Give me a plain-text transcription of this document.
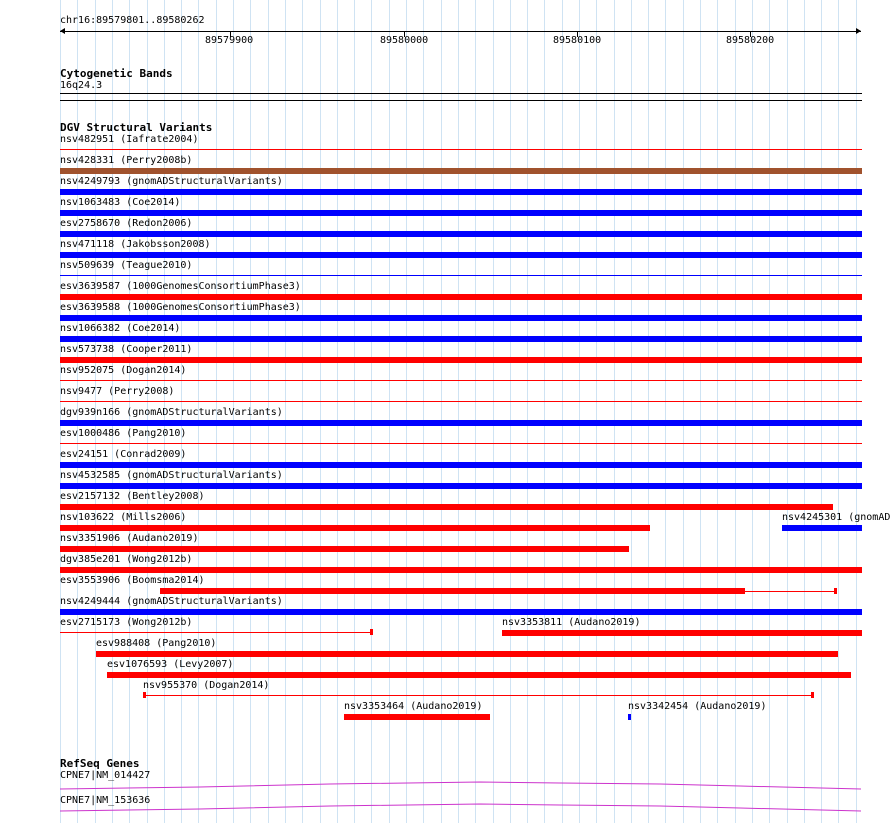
chr16:89579801..89580262
89579900	89580000	89580100	89580200
Cytogenetic Bands
16q24.3
DGV Structural Variants
nsv482951 (Iafrate2004)
nsv428331 (Perry2008b)
nsv4249793 (gnomADStructuralVariants)
nsv1063483 (Coe2014)
esv2758670 (Redon2006)
nsv471118 (Jakobsson2008)
nsv509639 (Teague2010)
esv3639587 (1000GenomesConsortiumPhase3)
esv3639588 (1000GenomesConsortiumPhase3)
nsv1066382 (Coe2014)
nsv573738 (Cooper2011)
nsv952075 (Dogan2014)
nsv9477 (Perry2008)
dgv939n166 (gnomADStructuralVariants)
esv1000486 (Pang2010)
esv24151 (Conrad2009)
nsv4532585 (gnomADStructuralVariants)
esv2157132 (Bentley2008)
nsv103622 (Mills2006)	nsv4245301 (gnomAD
nsv3351906 (Audano2019)
dgv385e201 (Wong2012b)
esv3553906 (Boomsma2014)
nsv4249444 (gnomADStructuralVariants)
esv2715173 (Wong2012b)	nsv3353811 (Audano2019)
esv988408 (Pang2010)
esv1076593 (Levy2007)
nsv955370 (Dogan2014)
nsv3353464 (Audano2019)	nsv3342454 (Audano2019)
RefSeq Genes
CPNE7|NM_014427
CPNE7|NM_153636
